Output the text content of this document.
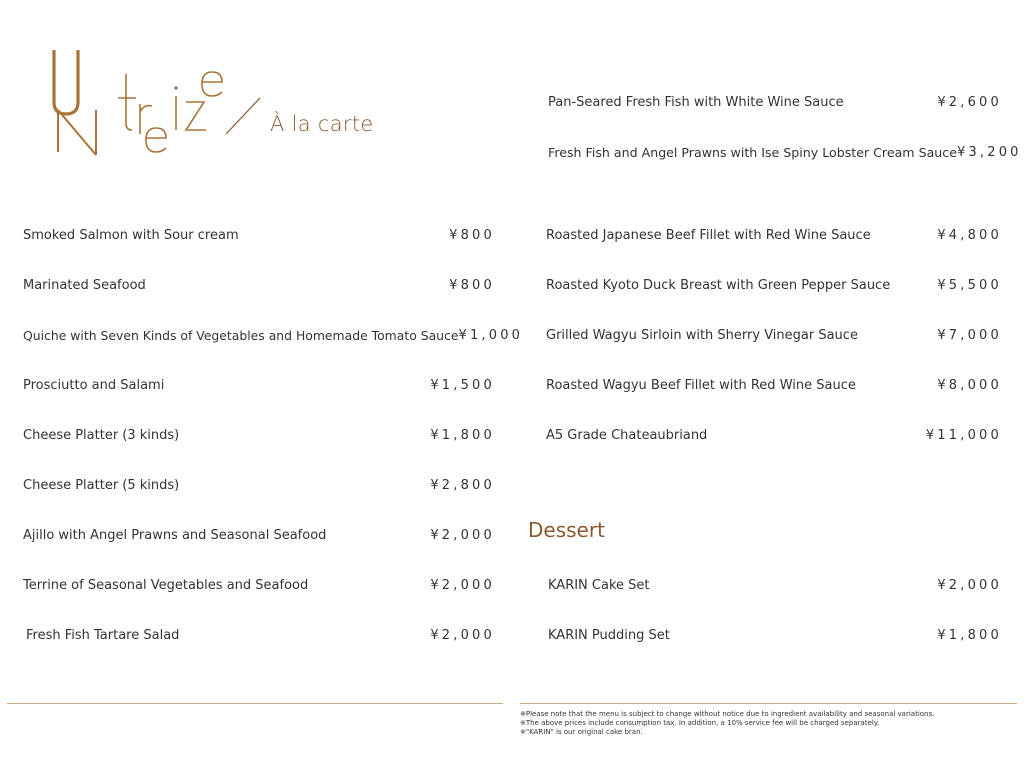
À la carte
Smoked Salmon with Sour cream	¥800
Marinated Seafood	¥800
Quiche with Seven Kinds of Vegetables and Homemade Tomato Sauce ¥1,000
Prosciutto and Salami	¥1,500
Cheese Platter (3 kinds)	¥1,800
Cheese Platter (5 kinds)	¥2,800
Ajillo with Angel Prawns and Seasonal Seafood	¥2,000
Terrine of Seasonal Vegetables and Seafood	¥2,000
Fresh Fish Tartare Salad	¥2,000
Pan-Seared Fresh Fish with White Wine Sauce	¥2,600
Fresh Fish and Angel Prawns with Ise Spiny Lobster Cream Sauce ¥3,200
Roasted Japanese Beef Fillet with Red Wine Sauce	¥4,800
Roasted Kyoto Duck Breast with Green Pepper Sauce	¥5,500
Grilled Wagyu Sirloin with Sherry Vinegar Sauce	¥7,000
Roasted Wagyu Beef Fillet with Red Wine Sauce	¥8,000
A5 Grade Chateaubriand	¥11,000
Dessert
KARIN Cake Set	¥2,000
KARIN Pudding Set	¥1,800
※Please note that the menu is subject to change without notice due to ingredient availability and seasonal variations.
※The above prices include consumption tax. In addition, a 10% service fee will be charged separately.
※"KARIN" is our original cake bran.
